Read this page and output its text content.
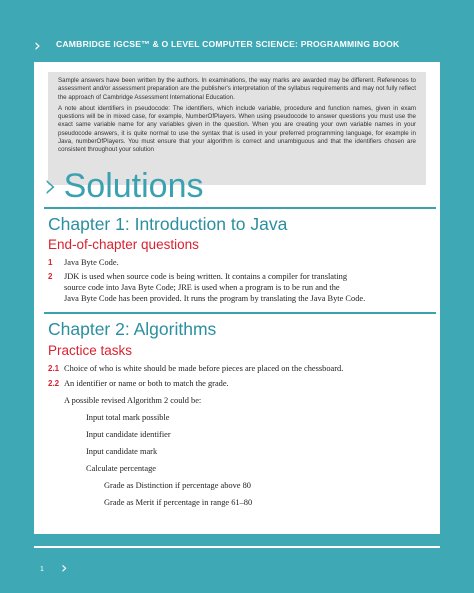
› CAMBRIDGE IGCSE™ & O LEVEL COMPUTER SCIENCE: PROGRAMMING BOOK

Sample answers have been written by the authors. In examinations, the way marks are awarded may be different. References to assessment and/or assessment preparation are the publisher's interpretation of the syllabus requirements and may not fully reflect the approach of Cambridge Assessment International Education.

A note about identifiers in pseudocode: The identifiers, which include variable, procedure and function names, given in exam questions will be in mixed case, for example, NumberOfPlayers. When using pseudocode to answer questions you must use the exact same variable name for any variables given in the question. When you are creating your own variable names in your pseudocode answers, it is quite normal to use the syntax that is used in your preferred programming language, for example in Java, numberOfPlayers. You must ensure that your algorithm is correct and unambiguous and that the identifiers chosen are consistent throughout your solution

› Solutions
Chapter 1: Introduction to Java
End-of-chapter questions
1 Java Byte Code.
2 JDK is used when source code is being written. It contains a compiler for translating
source code into Java Byte Code; JRE is used when a program is to be run and the
Java Byte Code has been provided. It runs the program by translating the Java Byte Code.
Chapter 2: Algorithms
Practice tasks
2.1 Choice of who is white should be made before pieces are placed on the chessboard.
2.2 An identifier or name or both to match the grade.
A possible revised Algorithm 2 could be:
Input total mark possible
Input candidate identifier
Input candidate mark
Calculate percentage
Grade as Distinction if percentage above 80
Grade as Merit if percentage in range 61–80
1 ›
